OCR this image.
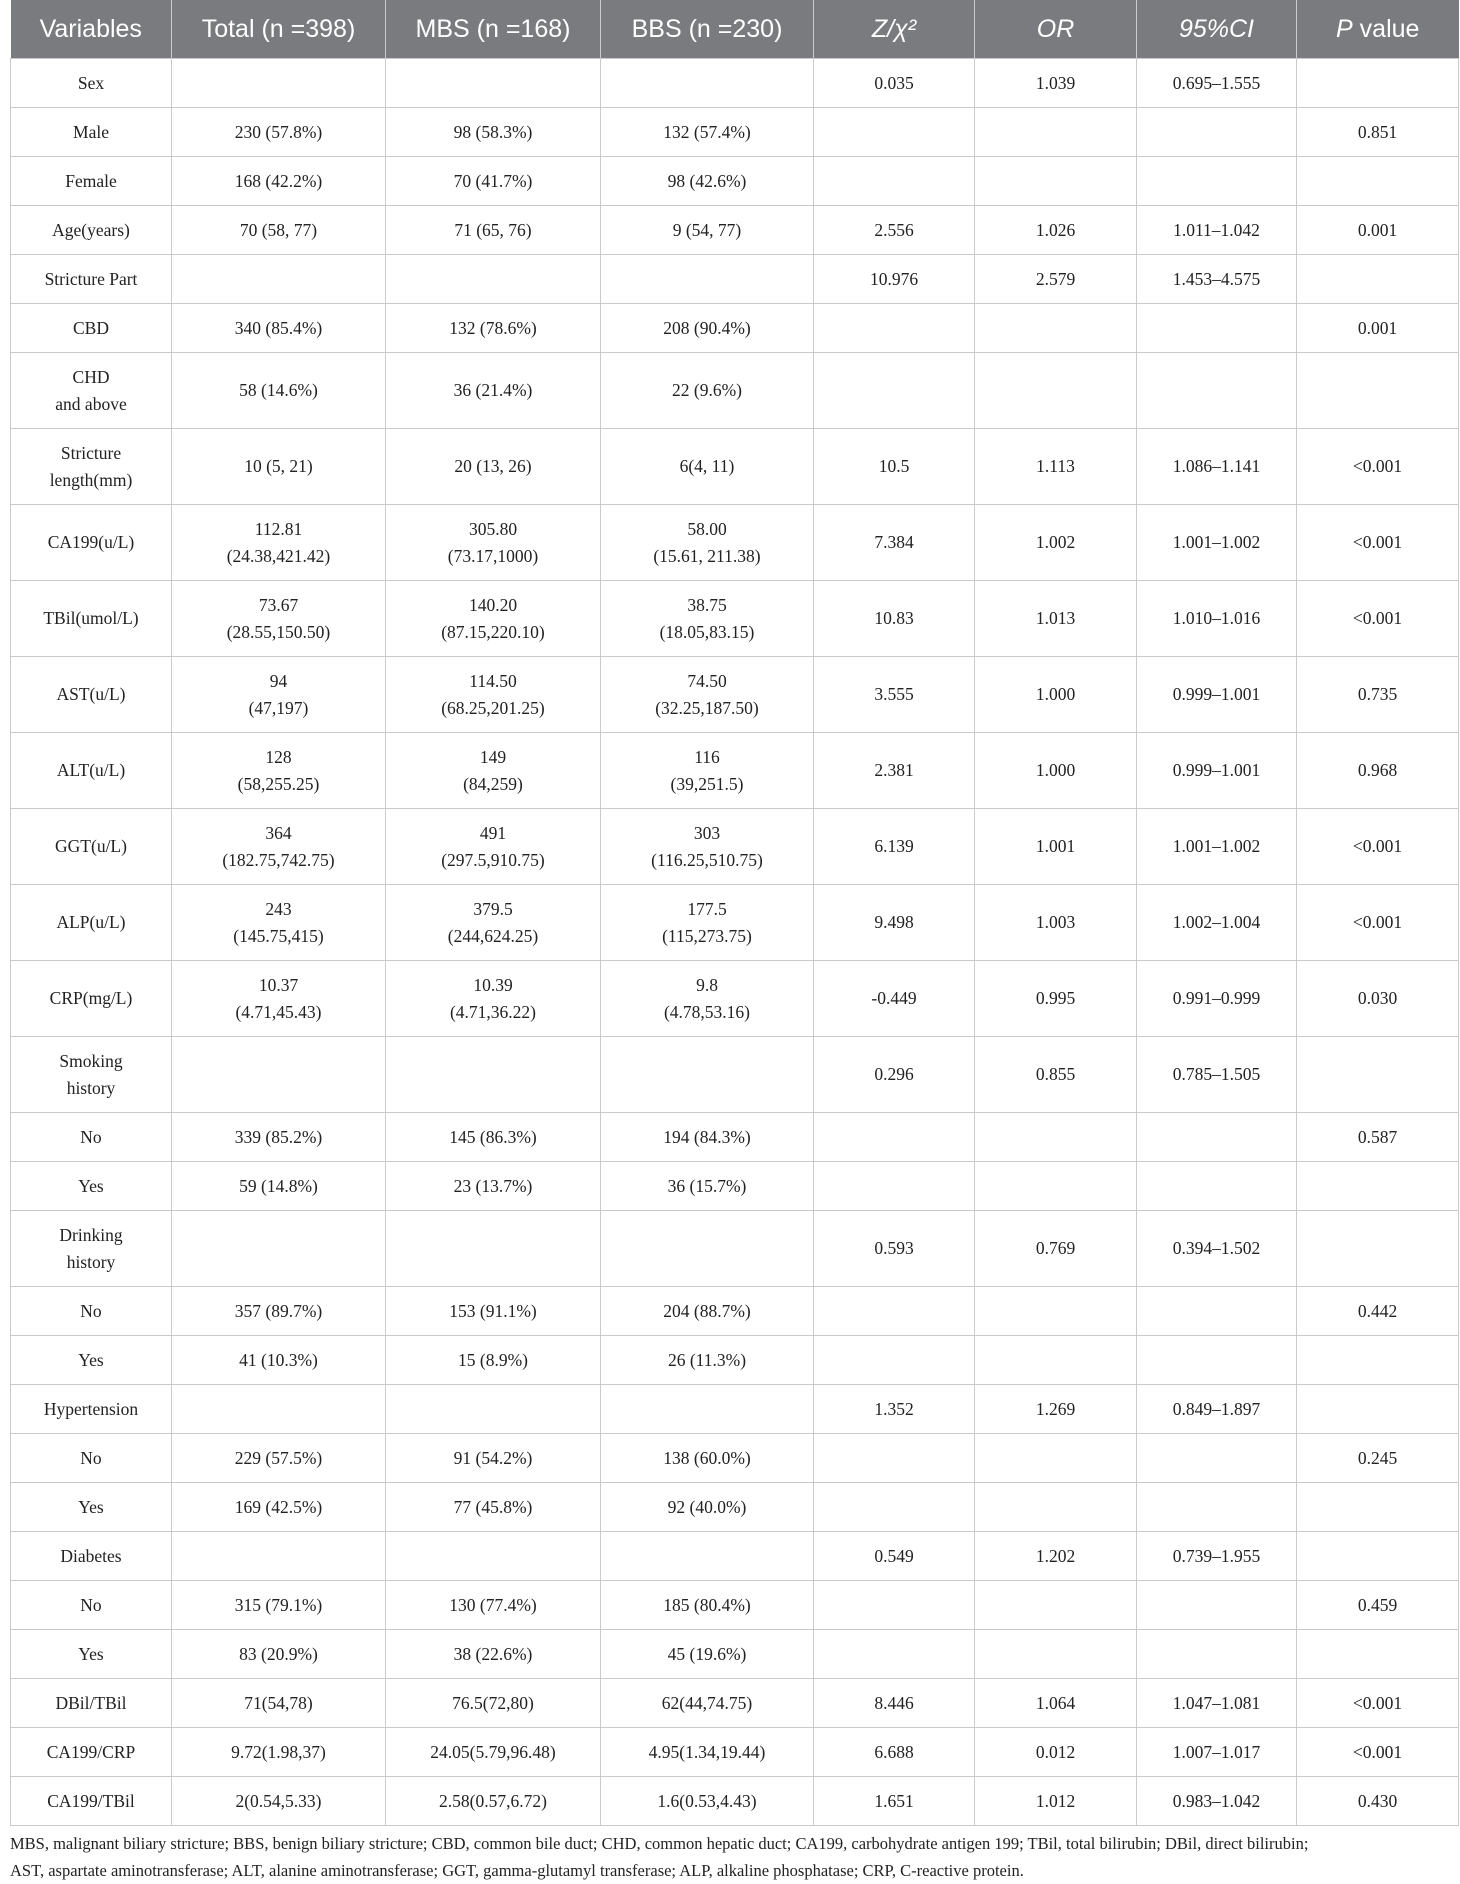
Variables	Total (n =398)	MBS (n =168)	BBS (n =230)	Z/χ²	OR	95%CI	P value

Sex				0.035	1.039	0.695–1.555	

Male	230 (57.8%)	98 (58.3%)	132 (57.4%)				0.851

Female	168 (42.2%)	70 (41.7%)	98 (42.6%)				

Age(years)	70 (58, 77)	71 (65, 76)	9 (54, 77)	2.556	1.026	1.011–1.042	0.001

Stricture Part				10.976	2.579	1.453–4.575	

CBD	340 (85.4%)	132 (78.6%)	208 (90.4%)				0.001

CHD
and above	58 (14.6%)	36 (21.4%)	22 (9.6%)				

Stricture
length(mm)	10 (5, 21)	20 (13, 26)	6(4, 11)	10.5	1.113	1.086–1.141	<0.001

CA199(u/L)	112.81
(24.38,421.42)	305.80
(73.17,1000)	58.00
(15.61, 211.38)	7.384	1.002	1.001–1.002	<0.001

TBil(umol/L)	73.67
(28.55,150.50)	140.20
(87.15,220.10)	38.75
(18.05,83.15)	10.83	1.013	1.010–1.016	<0.001

AST(u/L)	94
(47,197)	114.50
(68.25,201.25)	74.50
(32.25,187.50)	3.555	1.000	0.999–1.001	0.735

ALT(u/L)	128
(58,255.25)	149
(84,259)	116
(39,251.5)	2.381	1.000	0.999–1.001	0.968

GGT(u/L)	364
(182.75,742.75)	491
(297.5,910.75)	303
(116.25,510.75)	6.139	1.001	1.001–1.002	<0.001

ALP(u/L)	243
(145.75,415)	379.5
(244,624.25)	177.5
(115,273.75)	9.498	1.003	1.002–1.004	<0.001

CRP(mg/L)	10.37
(4.71,45.43)	10.39
(4.71,36.22)	9.8
(4.78,53.16)	-0.449	0.995	0.991–0.999	0.030

Smoking
history				0.296	0.855	0.785–1.505	

No	339 (85.2%)	145 (86.3%)	194 (84.3%)				0.587

Yes	59 (14.8%)	23 (13.7%)	36 (15.7%)				

Drinking
history				0.593	0.769	0.394–1.502	

No	357 (89.7%)	153 (91.1%)	204 (88.7%)				0.442

Yes	41 (10.3%)	15 (8.9%)	26 (11.3%)				

Hypertension				1.352	1.269	0.849–1.897	

No	229 (57.5%)	91 (54.2%)	138 (60.0%)				0.245

Yes	169 (42.5%)	77 (45.8%)	92 (40.0%)				

Diabetes				0.549	1.202	0.739–1.955	

No	315 (79.1%)	130 (77.4%)	185 (80.4%)				0.459

Yes	83 (20.9%)	38 (22.6%)	45 (19.6%)				

DBil/TBil	71(54,78)	76.5(72,80)	62(44,74.75)	8.446	1.064	1.047–1.081	<0.001

CA199/CRP	9.72(1.98,37)	24.05(5.79,96.48)	4.95(1.34,19.44)	6.688	0.012	1.007–1.017	<0.001

CA199/TBil	2(0.54,5.33)	2.58(0.57,6.72)	1.6(0.53,4.43)	1.651	1.012	0.983–1.042	0.430
MBS, malignant biliary stricture; BBS, benign biliary stricture; CBD, common bile duct; CHD, common hepatic duct; CA199, carbohydrate antigen 199; TBil, total bilirubin; DBil, direct bilirubin;
AST, aspartate aminotransferase; ALT, alanine aminotransferase; GGT, gamma-glutamyl transferase; ALP, alkaline phosphatase; CRP, C-reactive protein.
